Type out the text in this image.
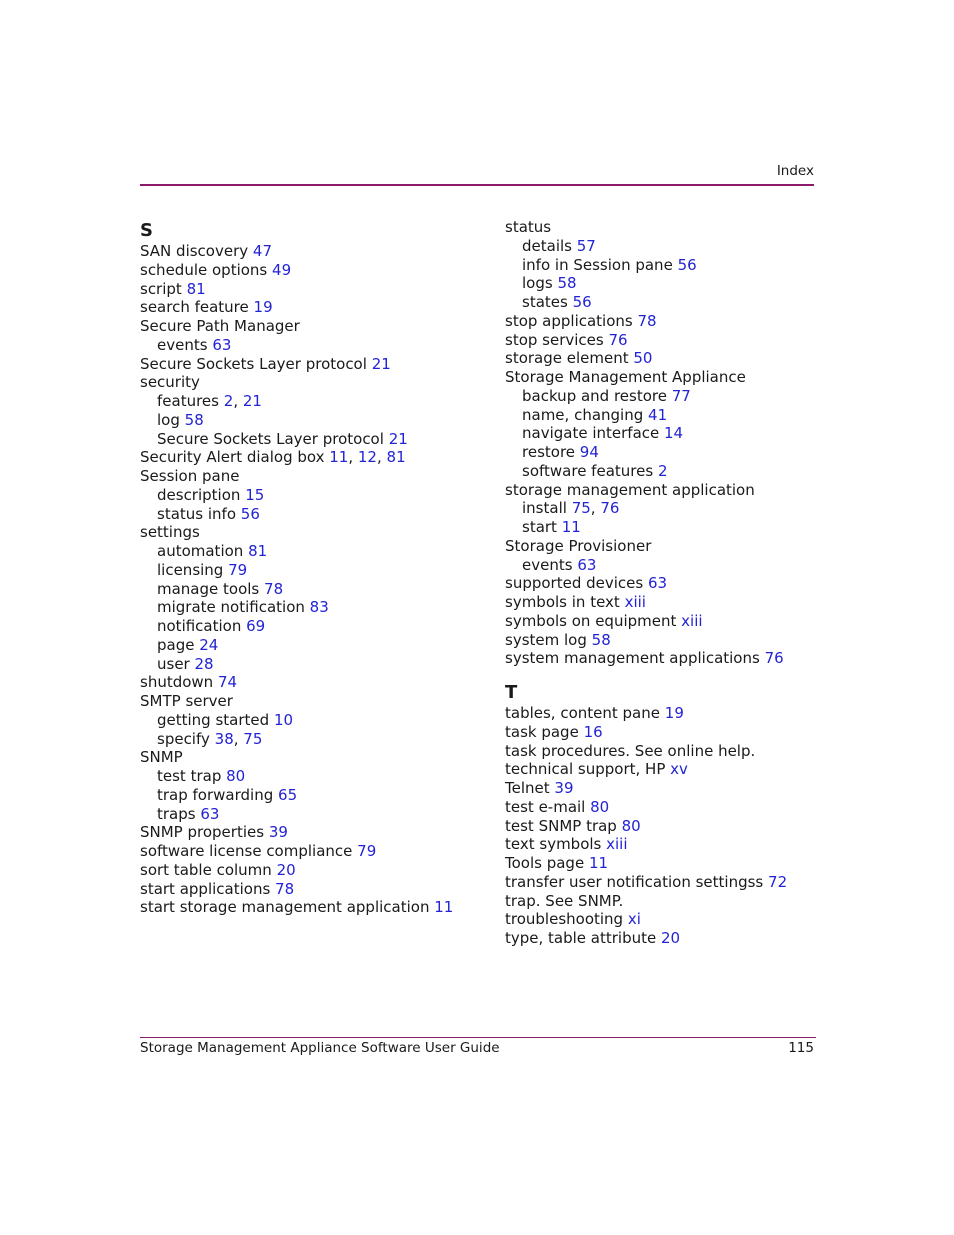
Index
S
SAN discovery 47
schedule options 49
script 81
search feature 19
Secure Path Manager
events 63
Secure Sockets Layer protocol 21
security
features 2, 21
log 58
Secure Sockets Layer protocol 21
Security Alert dialog box 11, 12, 81
Session pane
description 15
status info 56
settings
automation 81
licensing 79
manage tools 78
migrate notification 83
notification 69
page 24
user 28
shutdown 74
SMTP server
getting started 10
specify 38, 75
SNMP
test trap 80
trap forwarding 65
traps 63
SNMP properties 39
software license compliance 79
sort table column 20
start applications 78
start storage management application 11
status
details 57
info in Session pane 56
logs 58
states 56
stop applications 78
stop services 76
storage element 50
Storage Management Appliance
backup and restore 77
name, changing 41
navigate interface 14
restore 94
software features 2
storage management application
install 75, 76
start 11
Storage Provisioner
events 63
supported devices 63
symbols in text xiii
symbols on equipment xiii
system log 58
system management applications 76
T
tables, content pane 19
task page 16
task procedures. See online help.
technical support, HP xv
Telnet 39
test e-mail 80
test SNMP trap 80
text symbols xiii
Tools page 11
transfer user notification settingss 72
trap. See SNMP.
troubleshooting xi
type, table attribute 20
Storage Management Appliance Software User Guide	115
